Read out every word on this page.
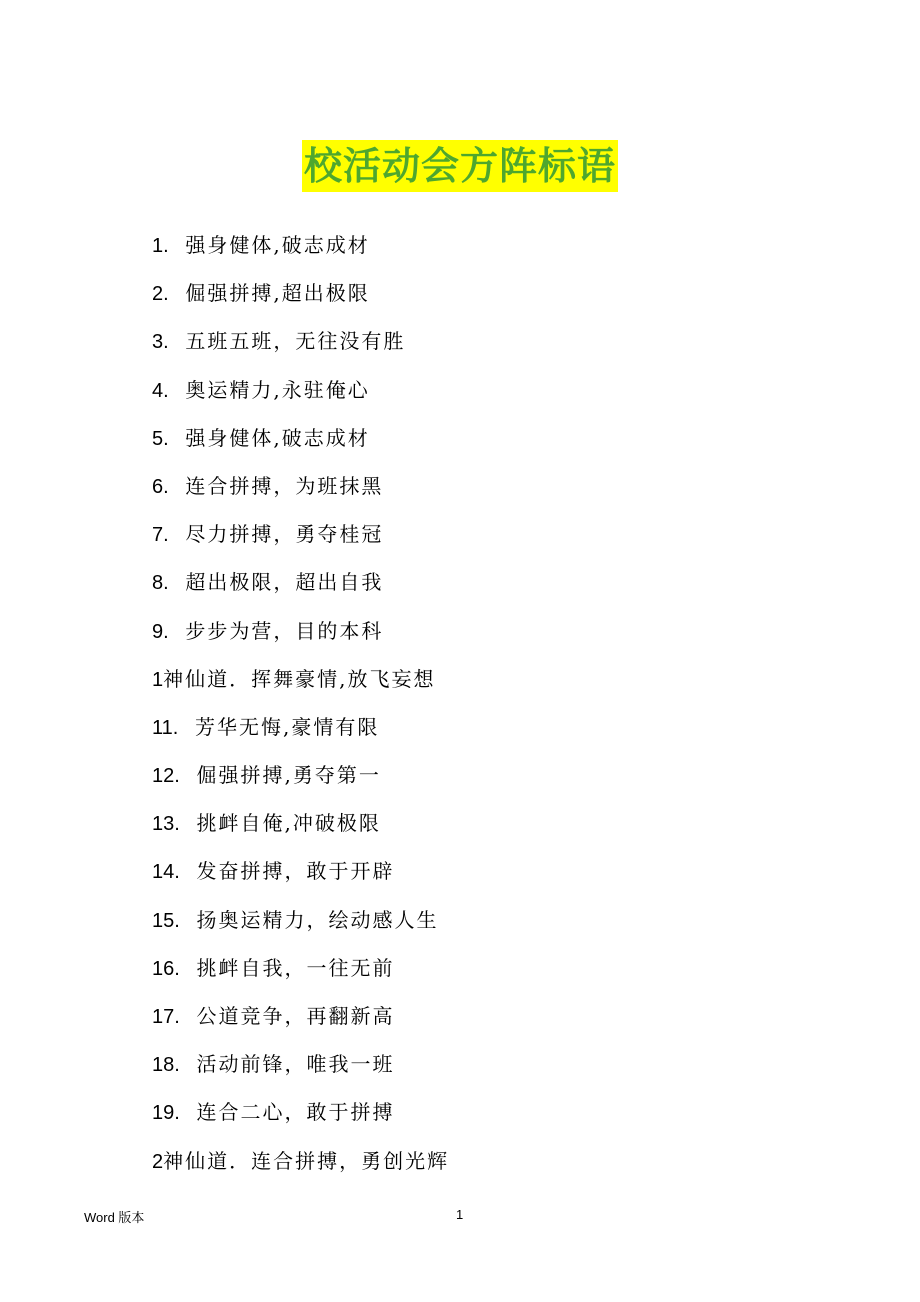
校活动会方阵标语
1. 强身健体,破志成材
2. 倔强拼搏,超出极限
3. 五班五班，无往没有胜
4. 奥运精力,永驻俺心
5. 强身健体,破志成材
6. 连合拼搏，为班抹黑
7. 尽力拼搏，勇夺桂冠
8. 超出极限，超出自我
9. 步步为营，目的本科
1神仙道．挥舞豪情,放飞妄想
11. 芳华无悔,豪情有限
12. 倔强拼搏,勇夺第一
13. 挑衅自俺,冲破极限
14. 发奋拼搏，敢于开辟
15. 扬奥运精力，绘动感人生
16. 挑衅自我，一往无前
17. 公道竞争，再翻新高
18. 活动前锋，唯我一班
19. 连合二心，敢于拼搏
2神仙道．连合拼搏，勇创光辉
Word 版本	1
